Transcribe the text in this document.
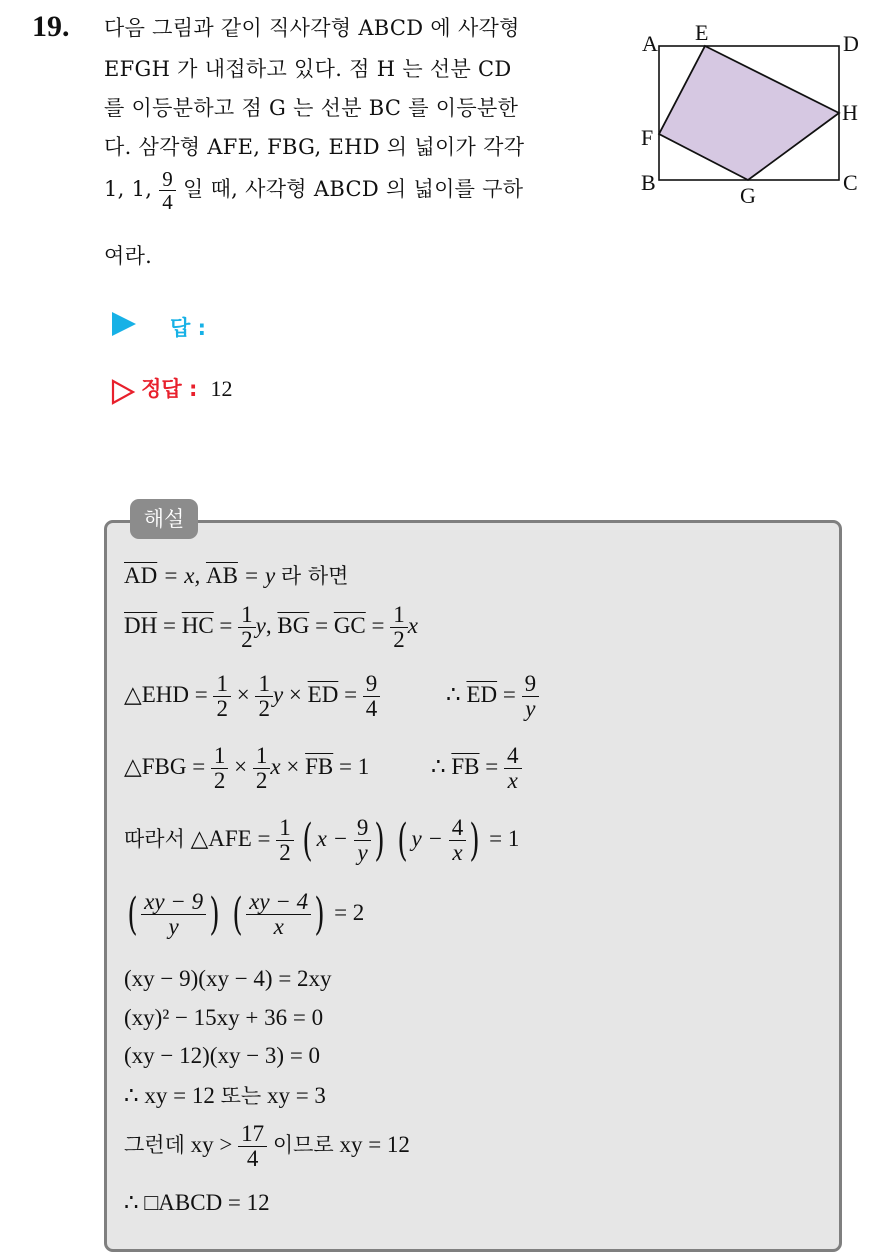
19. 다음 그림과 같이 직사각형 ABCD 에 사각형
EFGH 가 내접하고 있다. 점 H 는 선분 CD
를 이등분하고 점 G 는 선분 BC 를 이등분한
다. 삼각형 AFE, FBG, EHD 의 넓이가 각각
1, 1, $\frac{9}{4}$ 일 때, 사각형 ABCD 의 넓이를 구하
여라.
A E	D
H
F
B
G
C
답 :
정답 : 12
해설
$\overline{AD} = x$, $\overline{AB} = y$ 라 하면
$\overline{DH} = \overline{HC} = \frac{1}{2} y$, $\overline{BG} = \overline{GC} = \frac{1}{2}$ x
△EHD = $\frac{1}{2} \times \frac{1}{2}$ $y \times \overline{ED} = \frac{9}{4}$	∴ $\overline{ED} = \frac{9}{y}$
△FBG = $\frac{1}{2} \times \frac{1}{2}$ $x \times \overline{FB} = 1$	∴ $\overline{FB} = \frac{4}{x}$
따라서 △AFE = $\frac{1}{2}$ ( $x - \frac{9}{y}$ ) ( $y - \frac{4}{x}$ ) = 1
( $\frac{xy - 9}{y}$ ) ( $\frac{xy - 4}{x}$ ) = 2
(xy − 9)(xy − 4) = 2xy
(xy)² − 15xy + 36 = 0
(xy − 12)(xy − 3) = 0
∴ xy = 12 또는 xy = 3
그런데 xy > $\frac{17}{4}$ 이므로 xy = 12
∴ □ABCD = 12
